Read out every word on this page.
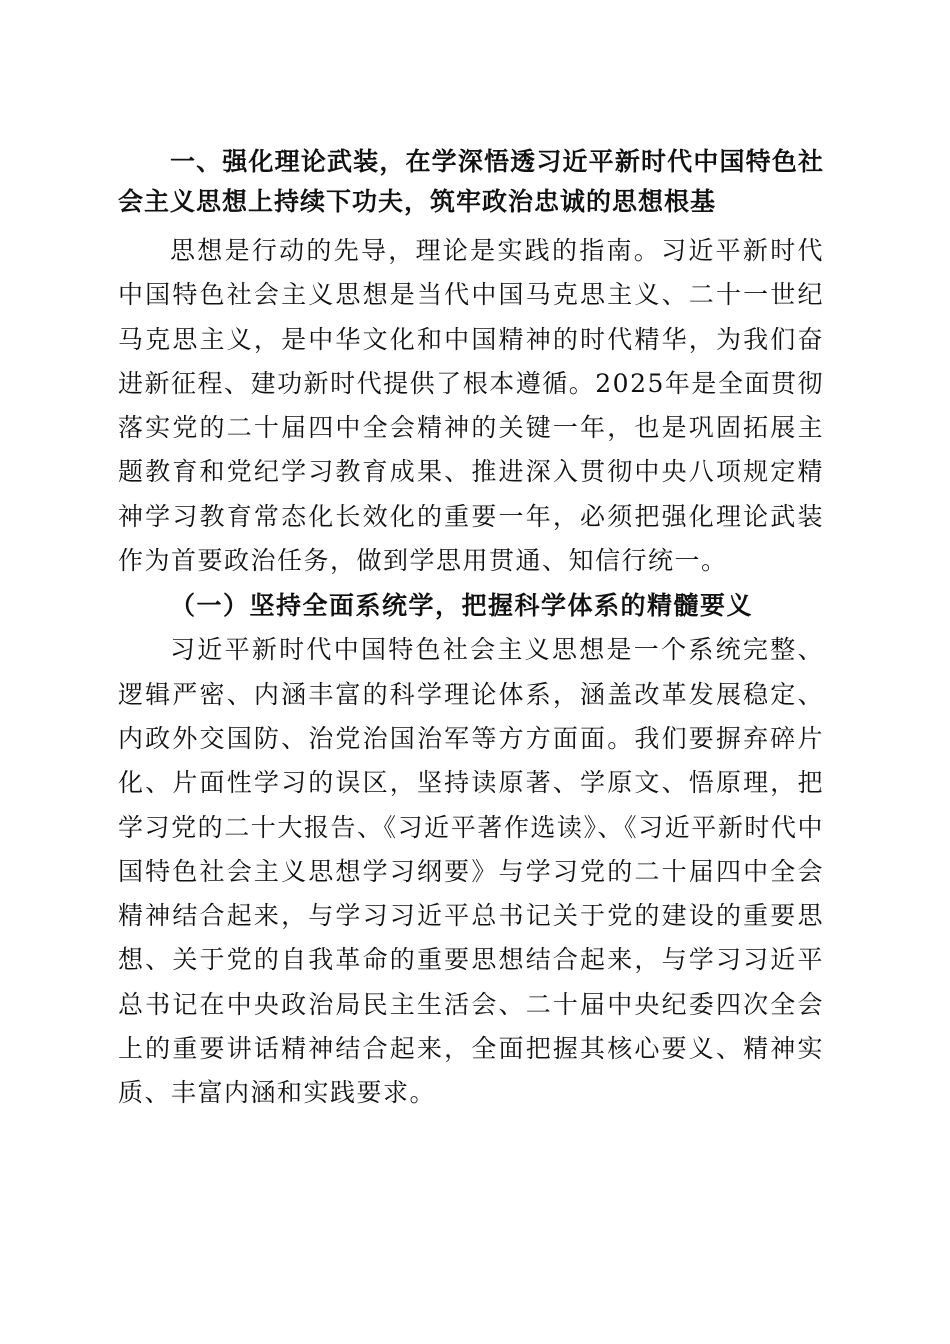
一、强化理论武装，在学深悟透习近平新时代中国特色社会主义思想上持续下功夫，筑牢政治忠诚的思想根基

思想是行动的先导，理论是实践的指南。习近平新时代中国特色社会主义思想是当代中国马克思主义、二十一世纪马克思主义，是中华文化和中国精神的时代精华，为我们奋进新征程、建功新时代提供了根本遵循。2025年是全面贯彻落实党的二十届四中全会精神的关键一年，也是巩固拓展主题教育和党纪学习教育成果、推进深入贯彻中央八项规定精神学习教育常态化长效化的重要一年，必须把强化理论武装作为首要政治任务，做到学思用贯通、知信行统一。

（一）坚持全面系统学，把握科学体系的精髓要义

习近平新时代中国特色社会主义思想是一个系统完整、逻辑严密、内涵丰富的科学理论体系，涵盖改革发展稳定、内政外交国防、治党治国治军等方方面面。我们要摒弃碎片化、片面性学习的误区，坚持读原著、学原文、悟原理，把学习党的二十大报告、《习近平著作选读》、《习近平新时代中国特色社会主义思想学习纲要》与学习党的二十届四中全会精神结合起来，与学习习近平总书记关于党的建设的重要思想、关于党的自我革命的重要思想结合起来，与学习习近平总书记在中央政治局民主生活会、二十届中央纪委四次全会上的重要讲话精神结合起来，全面把握其核心要义、精神实质、丰富内涵和实践要求。
